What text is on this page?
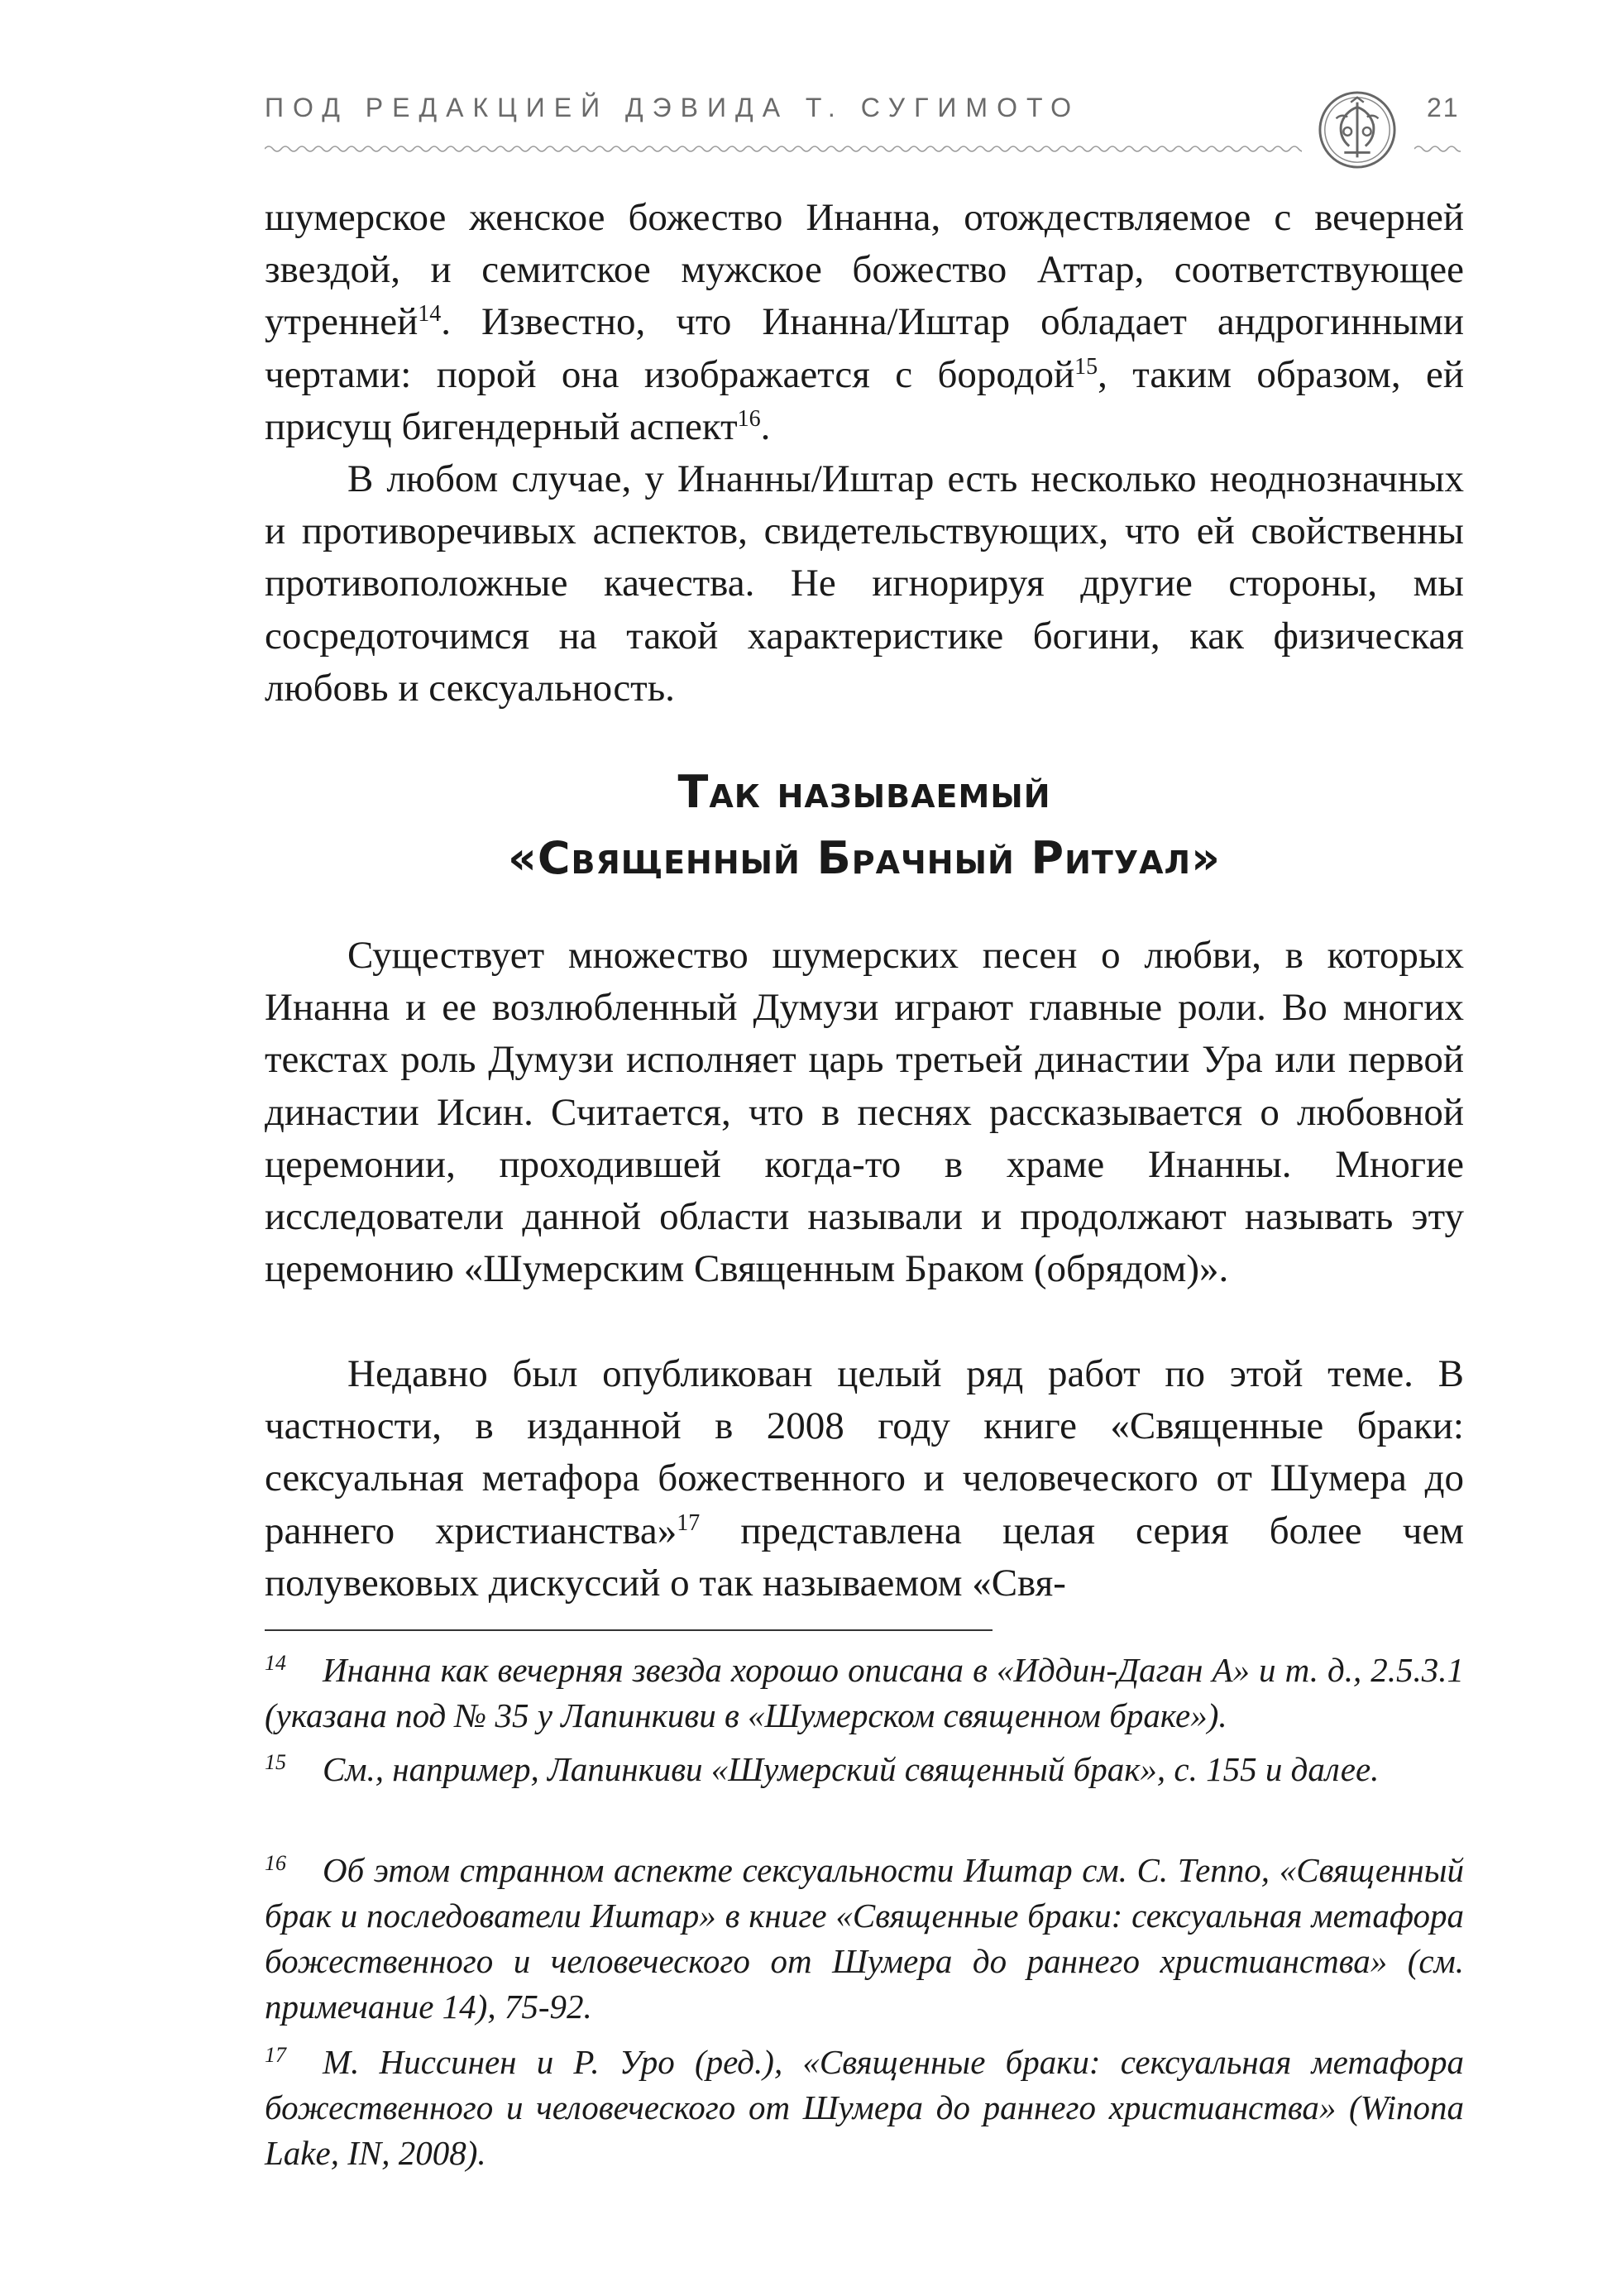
ПОД РЕДАКЦИЕЙ ДЭВИДА Т. СУГИМОТО	21

шумерское женское божество Инанна, отождествляемое с вечерней звездой, и семитское мужское божество Аттар, соответствующее утренней$^{14}$. Известно, что Инанна/Иштар обладает андрогинными чертами: порой она изображается с бородой$^{15}$, таким образом, ей присущ бигендерный аспект$^{16}$.

В любом случае, у Инанны/Иштар есть несколько неоднозначных и противоречивых аспектов, свидетельствующих, что ей свойственны противоположные качества. Не игнорируя другие стороны, мы сосредоточимся на такой характеристике богини, как физическая любовь и сексуальность.

Так называемый
«Священный Брачный Ритуал»

Существует множество шумерских песен о любви, в которых Инанна и ее возлюбленный Думузи играют главные роли. Во многих текстах роль Думузи исполняет царь третьей династии Ура или первой династии Исин. Считается, что в песнях рассказывается о любовной церемонии, проходившей когда-то в храме Инанны. Многие исследователи данной области называли и продолжают называть эту церемонию «Шумерским Священным Браком (обрядом)».

Недавно был опубликован целый ряд работ по этой теме. В частности, в изданной в 2008 году книге «Священные браки: сексуальная метафора божественного и человеческого от Шумера до раннего христианства»$^{17}$ представлена целая серия более чем полувековых дискуссий о так называемом «Свя-

$^{14}$ Инанна как вечерняя звезда хорошо описана в «Иддин-Даган А» и т. д., 2.5.3.1 (указана под № 35 у Лапинкиви в «Шумерском священном браке»).

$^{15}$ См., например, Лапинкиви «Шумерский священный брак», с. 155 и далее.

$^{16}$ Об этом странном аспекте сексуальности Иштар см. С. Теппо, «Священный брак и последователи Иштар» в книге «Священные браки: сексуальная метафора божественного и человеческого от Шумера до раннего христианства» (см. примечание 14), 75-92.

$^{17}$ М. Ниссинен и Р. Уро (ред.), «Священные браки: сексуальная метафора божественного и человеческого от Шумера до раннего христианства» (Winona Lake, IN, 2008).
